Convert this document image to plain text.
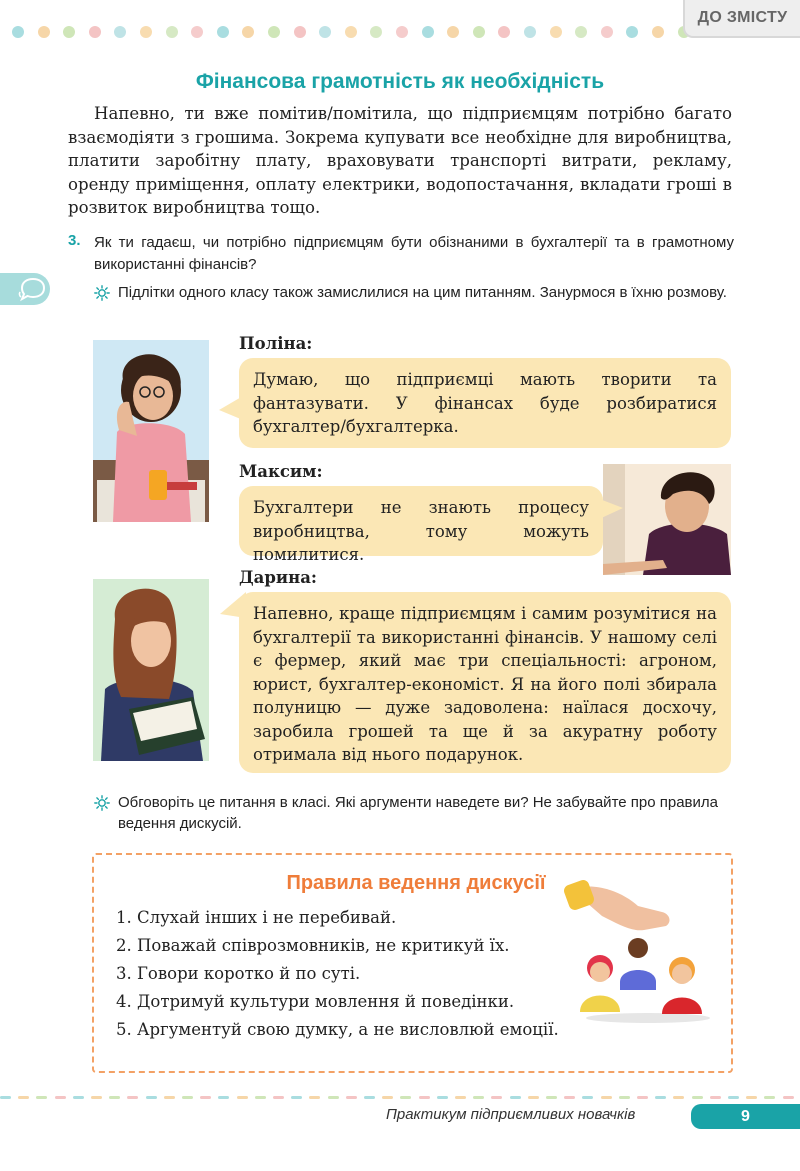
ДО ЗМІСТУ
Фінансова грамотність як необхідність

Напевно, ти вже помітив/помітила, що підприємцям потрібно багато взаємодіяти з грошима. Зокрема купувати все необхідне для виробництва, платити заробітну плату, враховувати транспорті витрати, рекламу, оренду приміщення, оплату електрики, водопостачання, вкладати гроші в розвиток виробництва тощо.

3. Як ти гадаєш, чи потрібно підприємцям бути обізнаними в бухгалтерії та в грамотному використанні фінансів?

Підлітки одного класу також замислилися на цим питанням. Занурмося в їхню розмову.

Поліна:
Думаю, що підприємці мають творити та фантазувати. У фінансах буде розбиратися бухгалтер/бухгалтерка.
Максим:
Бухгалтери не знають процесу виробництва, тому можуть помилитися.
Дарина:
Напевно, краще підприємцям і самим розумітися на бухгалтерії та використанні фінансів. У нашому селі є фермер, який має три спеціальності: агроном, юрист, бухгалтер-економіст. Я на його полі збирала полуницю — дуже задоволена: наїлася досхочу, заробила грошей та ще й за акуратну роботу отримала від нього подарунок.

Обговоріть це питання в класі. Які аргументи наведете ви? Не забувайте про правила ведення дискусій.

Правила ведення дискусії
1. Слухай інших і не перебивай.
2. Поважай співрозмовників, не критикуй їх.
3. Говори коротко й по суті.
4. Дотримуй культури мовлення й поведінки.
5. Аргументуй свою думку, а не висловлюй емоції.
Практикум підприємливих новачків	9
